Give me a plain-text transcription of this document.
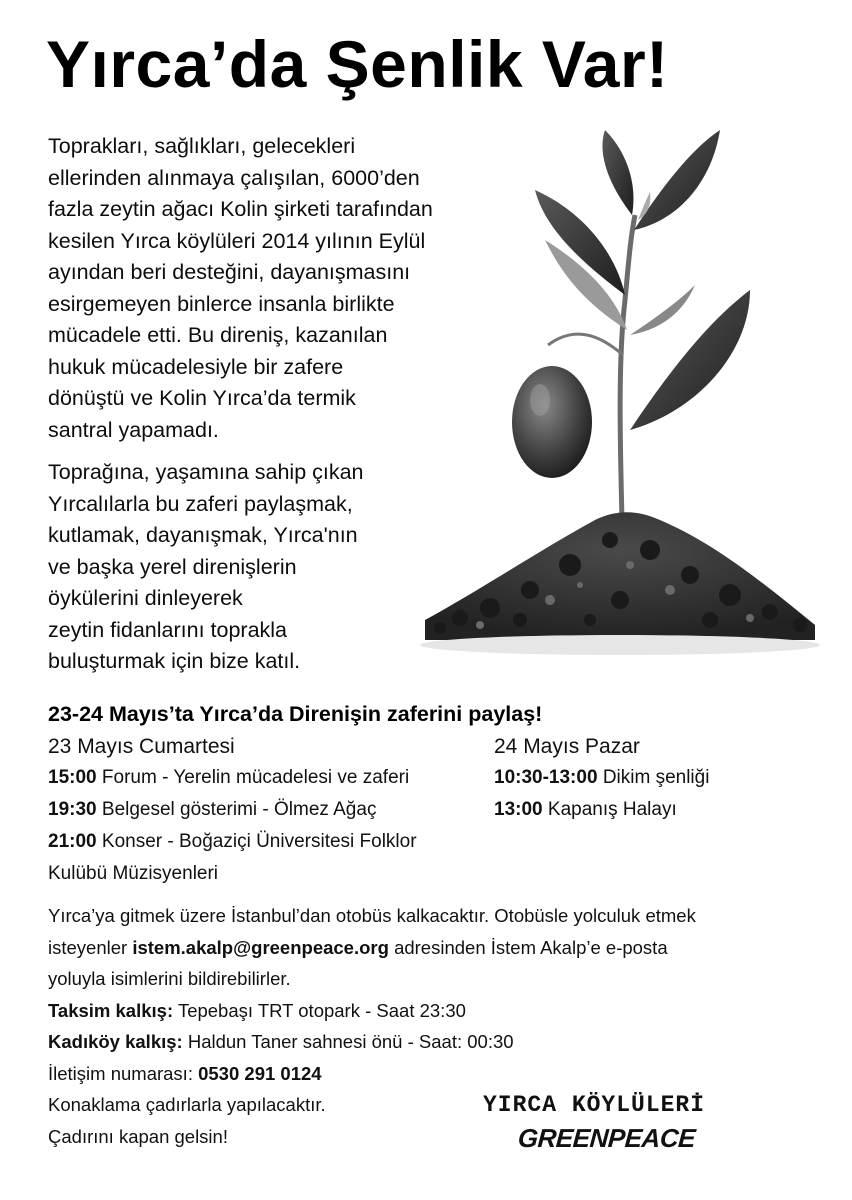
Yırca’da Şenlik Var!
Toprakları, sağlıkları, gelecekleri
ellerinden alınmaya çalışılan, 6000’den
fazla zeytin ağacı Kolin şirketi tarafından
kesilen Yırca köylüleri 2014 yılının Eylül
ayından beri desteğini, dayanışmasını
esirgemeyen binlerce insanla birlikte
mücadele etti. Bu direniş, kazanılan
hukuk mücadelesiyle bir zafere
dönüştü ve Kolin Yırca’da termik
santral yapamadı.
Toprağına, yaşamına sahip çıkan
Yırcalılarla bu zaferi paylaşmak,
kutlamak, dayanışmak, Yırca'nın
ve başka yerel direnişlerin
öykülerini dinleyerek
zeytin fidanlarını toprakla
buluşturmak için bize katıl.
23-24 Mayıs’ta Yırca’da Direnişin zaferini paylaş!
23 Mayıs Cumartesi	24 Mayıs Pazar
15:00 Forum - Yerelin mücadelesi ve zaferi
19:30 Belgesel gösterimi - Ölmez Ağaç
21:00 Konser - Boğaziçi Üniversitesi Folklor
Kulübü Müzisyenleri
10:30-13:00 Dikim şenliği
13:00 Kapanış Halayı
Yırca’ya gitmek üzere İstanbul’dan otobüs kalkacaktır. Otobüsle yolculuk etmek
isteyenler istem.akalp@greenpeace.org adresinden İstem Akalp’e e-posta
yoluyla isimlerini bildirebilirler.
Taksim kalkış: Tepebaşı TRT otopark - Saat 23:30
Kadıköy kalkış: Haldun Taner sahnesi önü - Saat: 00:30
İletişim numarası: 0530 291 0124
Konaklama çadırlarla yapılacaktır.
Çadırını kapan gelsin!
YIRCA KÖYLÜLERİ
GREENPEACE
